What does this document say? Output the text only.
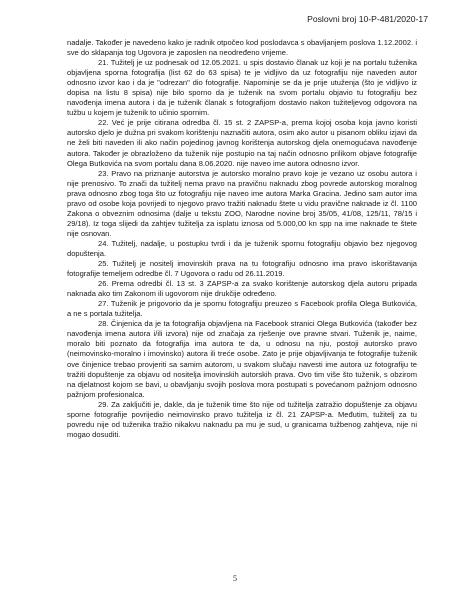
Poslovni broj 10-P-481/2020-17

nadalje. Također je navedeno kako je radnik otpočeo kod poslodavca s obavljanjem poslova 1.12.2002. i sve do sklapanja tog Ugovora je zaposlen na neodređeno vrijeme.

21. Tužitelj je uz podnesak od 12.05.2021. u spis dostavio članak uz koji je na portalu tuženika objavljena sporna fotografija (list 62 do 63 spisa) te je vidljivo da uz fotografiju nije naveden autor odnosno izvor kao i da je "odrezan" dio fotografije. Napominje se da je prije utuženja (što je vidljivo iz dopisa na listu 8 spisa) nije bilo sporno da je tuženik na svom portalu objavio tu fotografiju bez navođenja imena autora i da je tuženik članak s fotografijom dostavio nakon tužiteljevog odgovora na tužbu u kojem je tuženik to učinio spornim.

22. Već je prije citirana odredba čl. 15 st. 2 ZAPSP-a, prema kojoj osoba koja javno koristi autorsko djelo je dužna pri svakom korištenju naznačiti autora, osim ako autor u pisanom obliku izjavi da ne želi biti naveden ili ako način pojedinog javnog korištenja autorskog djela onemogućava navođenje autora. Također je obrazloženo da tuženik nije postupio na taj način odnosno prilikom objave fotografije Olega Butkovića na svom portalu dana 8.06.2020. nije naveo ime autora odnosno izvor.

23. Pravo na priznanje autorstva je autorsko moralno pravo koje je vezano uz osobu autora i nije prenosivo. To znači da tužitelj nema pravo na pravičnu naknadu zbog povrede autorskog moralnog prava odnosno zbog toga što uz fotografiju nije naveo ime autora Marka Gracina. Jedino sam autor ima pravo od osobe koja povrijedi to njegovo pravo tražiti naknadu štete u vidu pravične naknade iz čl. 1100 Zakona o obveznim odnosima (dalje u tekstu ZOO, Narodne novine broj 35/05, 41/08, 125/11, 78/15 i 29/18). Iz toga slijedi da zahtjev tužitelja za isplatu iznosa od 5.000,00 kn spp na ime naknade te štete nije osnovan.

24. Tužitelj, nadalje, u postupku tvrdi i da je tuženik spornu fotografiju objavio bez njegovog dopuštenja.

25. Tužitelj je nositelj imovinskih prava na tu fotografiju odnosno ima pravo iskorištavanja fotografije temeljem odredbe čl. 7 Ugovora o radu od 26.11.2019.

26. Prema odredbi čl. 13 st. 3 ZAPSP-a za svako korištenje autorskog djela autoru pripada naknada ako tim Zakonom ili ugovorom nije drukčije određeno.

27. Tuženik je prigovorio da je spornu fotografiju preuzeo s Facebook profila Olega Butkovića, a ne s portala tužitelja.

28. Činjenica da je ta fotografija objavljena na Facebook stranici Olega Butkovića (također bez navođenja imena autora i/ili izvora) nije od značaja za rješenje ove pravne stvari. Tuženik je, naime, moralo biti poznato da fotografija ima autora te da, u odnosu na nju, postoji autorsko pravo (neimovinsko-moralno i imovinsko) autora ili treće osobe. Zato je prije objavljivanja te fotografije tuženik ove činjenice trebao provjeriti sa samim autorom, u svakom slučaju navesti ime autora uz fotografiju te tražiti dopuštenje za objavu od nositelja imovinskih autorskih prava. Ovo tim više što tuženik, s obzirom na djelatnost kojom se bavi, u obavljanju svojih poslova mora postupati s povećanom pažnjom odnosno pažnjom profesionalca.

29. Za zaključiti je, dakle, da je tuženik time što nije od tužitelja zatražio dopuštenje za objavu sporne fotografije povrijedio neimovinsko pravo tužitelja iz čl. 21 ZAPSP-a. Međutim, tužitelj za tu povredu nije od tuženika tražio nikakvu naknadu pa mu je sud, u granicama tužbenog zahtjeva, nije ni mogao dosuditi.

5
